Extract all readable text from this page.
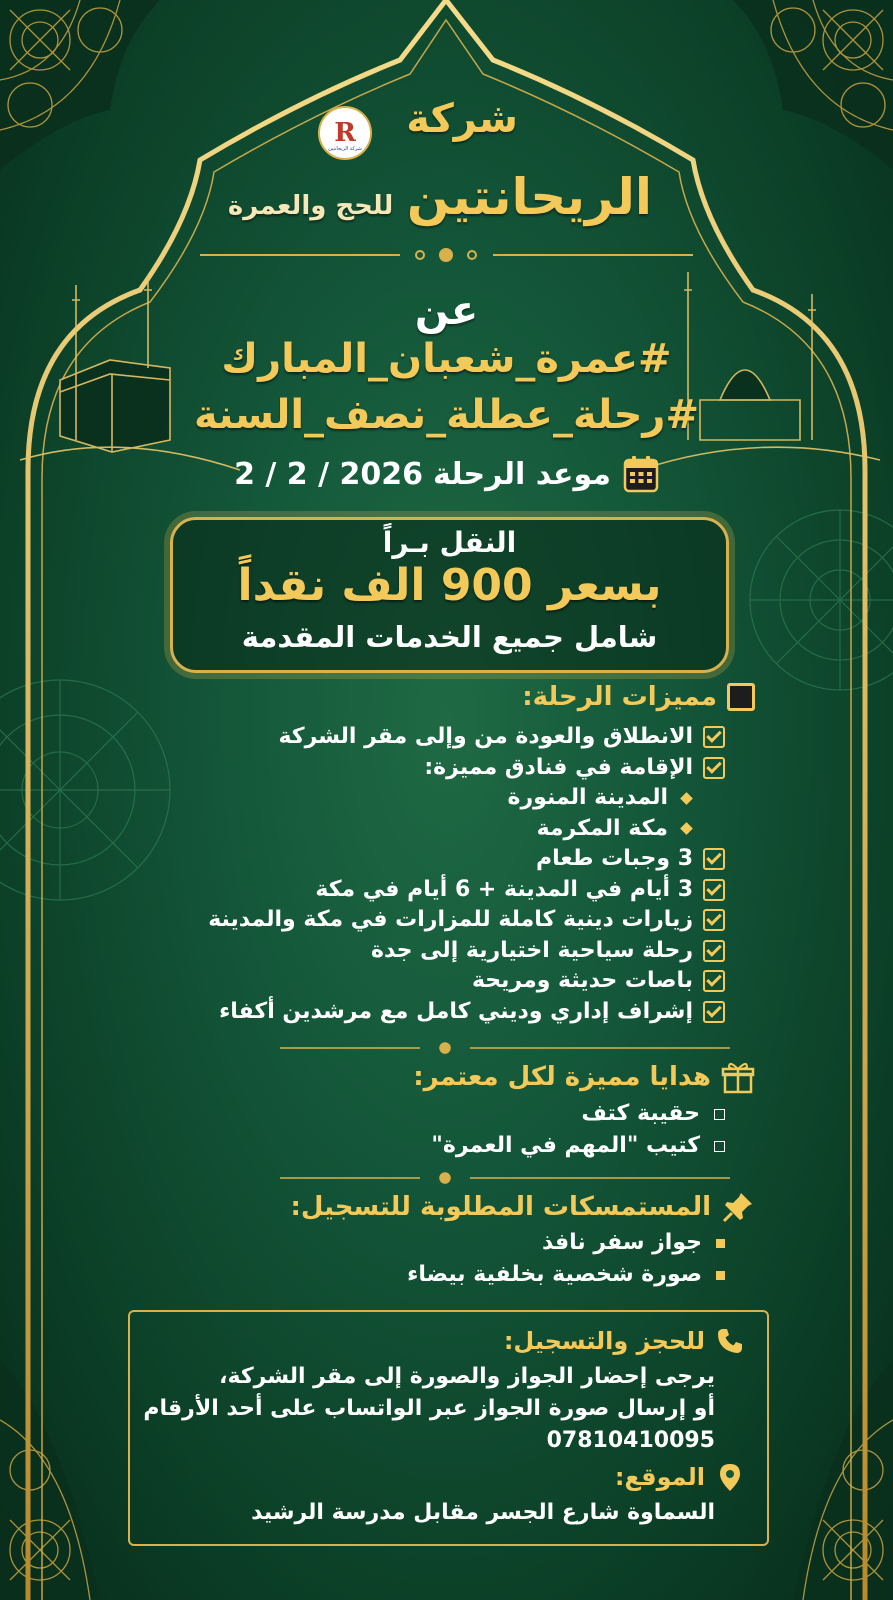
R
شركة الريحانتين
شركة
الريحانتين للحج والعمرة
عن
#عمرة_شعبان_المبارك
#رحلة_عطلة_نصف_السنة
موعد الرحلة
2 / 2 / 2026
النقل بـراً
بسعر 900 الف نقداً
شامل جميع الخدمات المقدمة
مميزات الرحلة:
الانطلاق والعودة من وإلى مقر الشركة
الإقامة في فنادق مميزة:
المدينة المنورة
مكة المكرمة
3 وجبات طعام
3 أيام في المدينة + 6 أيام في مكة
زيارات دينية كاملة للمزارات في مكة والمدينة
رحلة سياحية اختيارية إلى جدة
باصات حديثة ومريحة
إشراف إداري وديني كامل مع مرشدين أكفاء
هدايا مميزة لكل معتمر:
حقيبة كتف
كتيب "المهم في العمرة"
المستمسكات المطلوبة للتسجيل:
جواز سفر نافذ
صورة شخصية بخلفية بيضاء
للحجز والتسجيل:
يرجى إحضار الجواز والصورة إلى مقر الشركة،
أو إرسال صورة الجواز عبر الواتساب على أحد الأرقام
07810410095
الموقع:
السماوة شارع الجسر مقابل مدرسة الرشيد
